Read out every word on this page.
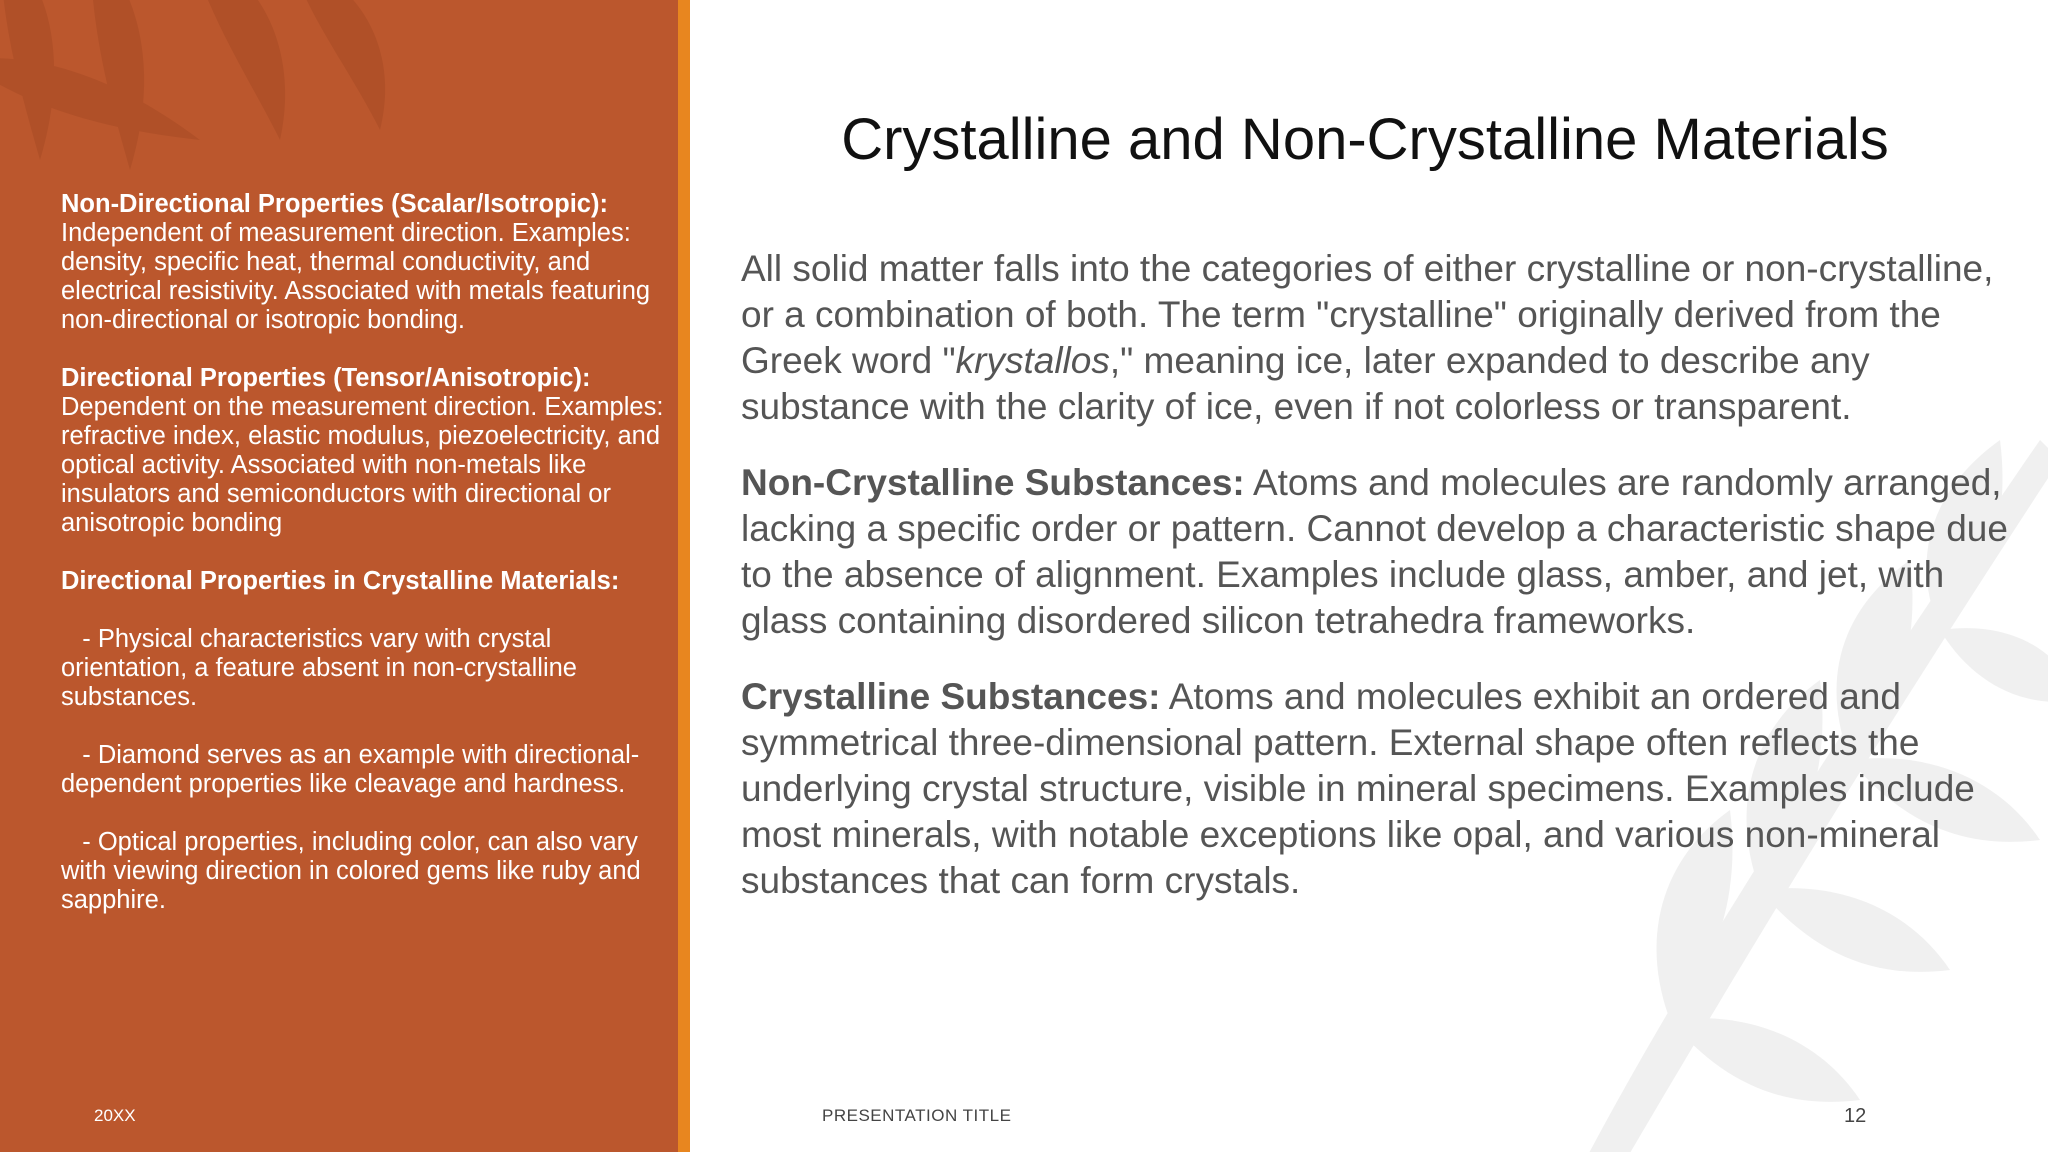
Non-Directional Properties (Scalar/Isotropic):
Independent of measurement direction. Examples: density, specific heat, thermal conductivity, and electrical resistivity. Associated with metals featuring non-directional or isotropic bonding.

Directional Properties (Tensor/Anisotropic):
Dependent on the measurement direction. Examples: refractive index, elastic modulus, piezoelectricity, and optical activity. Associated with non-metals like insulators and semiconductors with directional or anisotropic bonding

Directional Properties in Crystalline Materials:

- Physical characteristics vary with crystal orientation, a feature absent in non-crystalline substances.

- Diamond serves as an example with directional-dependent properties like cleavage and hardness.

- Optical properties, including color, can also vary with viewing direction in colored gems like ruby and sapphire.

20XX
Crystalline and Non-Crystalline Materials

All solid matter falls into the categories of either crystalline or non-crystalline, or a combination of both. The term "crystalline" originally derived from the Greek word "krystallos," meaning ice, later expanded to describe any substance with the clarity of ice, even if not colorless or transparent.

Non-Crystalline Substances: Atoms and molecules are randomly arranged, lacking a specific order or pattern. Cannot develop a characteristic shape due to the absence of alignment. Examples include glass, amber, and jet, with glass containing disordered silicon tetrahedra frameworks.

Crystalline Substances: Atoms and molecules exhibit an ordered and symmetrical three-dimensional pattern. External shape often reflects the underlying crystal structure, visible in mineral specimens. Examples include most minerals, with notable exceptions like opal, and various non-mineral substances that can form crystals.

PRESENTATION TITLE	12
